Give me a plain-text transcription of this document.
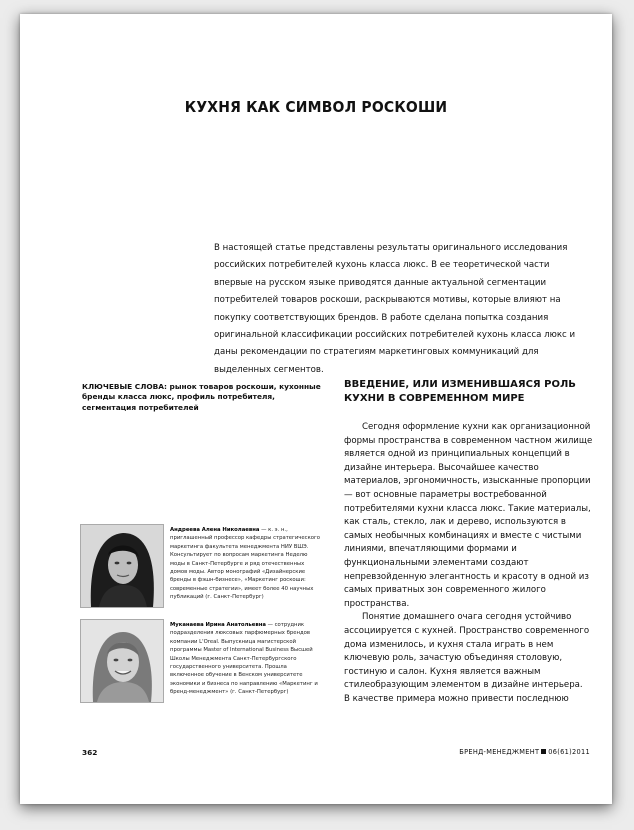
КУХНЯ КАК СИМВОЛ РОСКОШИ

В настоящей статье представлены результаты оригинального исследования российских потребителей кухонь класса люкс. В ее теоретической части впервые на русском языке приводятся данные актуальной сегментации потребителей товаров роскоши, раскрываются мотивы, которые влияют на покупку соответствующих брендов. В работе сделана попытка создания оригинальной классификации российских потребителей кухонь класса люкс и даны рекомендации по стратегиям маркетинговых коммуникаций для выделенных сегментов.

КЛЮЧЕВЫЕ СЛОВА: рынок товаров роскоши, кухонные бренды класса люкс, профиль потребителя, сегментация потребителей
ВВЕДЕНИЕ, ИЛИ ИЗМЕНИВШАЯСЯ РОЛЬ КУХНИ В СОВРЕМЕННОМ МИРЕ

Сегодня оформление кухни как организационной формы пространства в современном частном жилище является одной из принципиальных концепций в дизайне интерьера. Высочайшее качество материалов, эргономичность, изысканные пропорции — вот основные параметры востребованной потребителями кухни класса люкс. Такие материалы, как сталь, стекло, лак и дерево, используются в самых необычных комбинациях и вместе с чистыми линиями, впечатляющими формами и функциональными элементами создают непревзойденную элегантность и красоту в одной из самых приватных зон современного жилого пространства.

Понятие домашнего очага сегодня устойчиво ассоциируется с кухней. Пространство современного дома изменилось, и кухня стала играть в нем ключевую роль, зачастую объединяя столовую, гостиную и салон. Кухня является важным стилеобразующим элементом в дизайне интерьера.

В качестве примера можно привести последнюю

Андреева Алена Николаевна — к. э. н., приглашенный профессор кафедры стратегического маркетинга факультета менеджмента НИУ ВШЭ. Консультирует по вопросам маркетинга Неделю моды в Санкт-Петербурге и ряд отечественных домов моды. Автор монографий «Дизайнерские бренды в фэшн-бизнесе», «Маркетинг роскоши: современные стратегии», имеет более 40 научных публикаций (г. Санкт-Петербург)
Муканаева Ирина Анатольевна — сотрудник подразделения люксовых парфюмерных брендов компании L'Oreal. Выпускница магистерской программы Master of International Business Высшей Школы Менеджмента Санкт-Петербургского государственного университета. Прошла включенное обучение в Венском университете экономики и бизнеса по направлению «Маркетинг и бренд-менеджмент» (г. Санкт-Петербург)
362	БРЕНД-МЕНЕДЖМЕНТ 06(61)2011
